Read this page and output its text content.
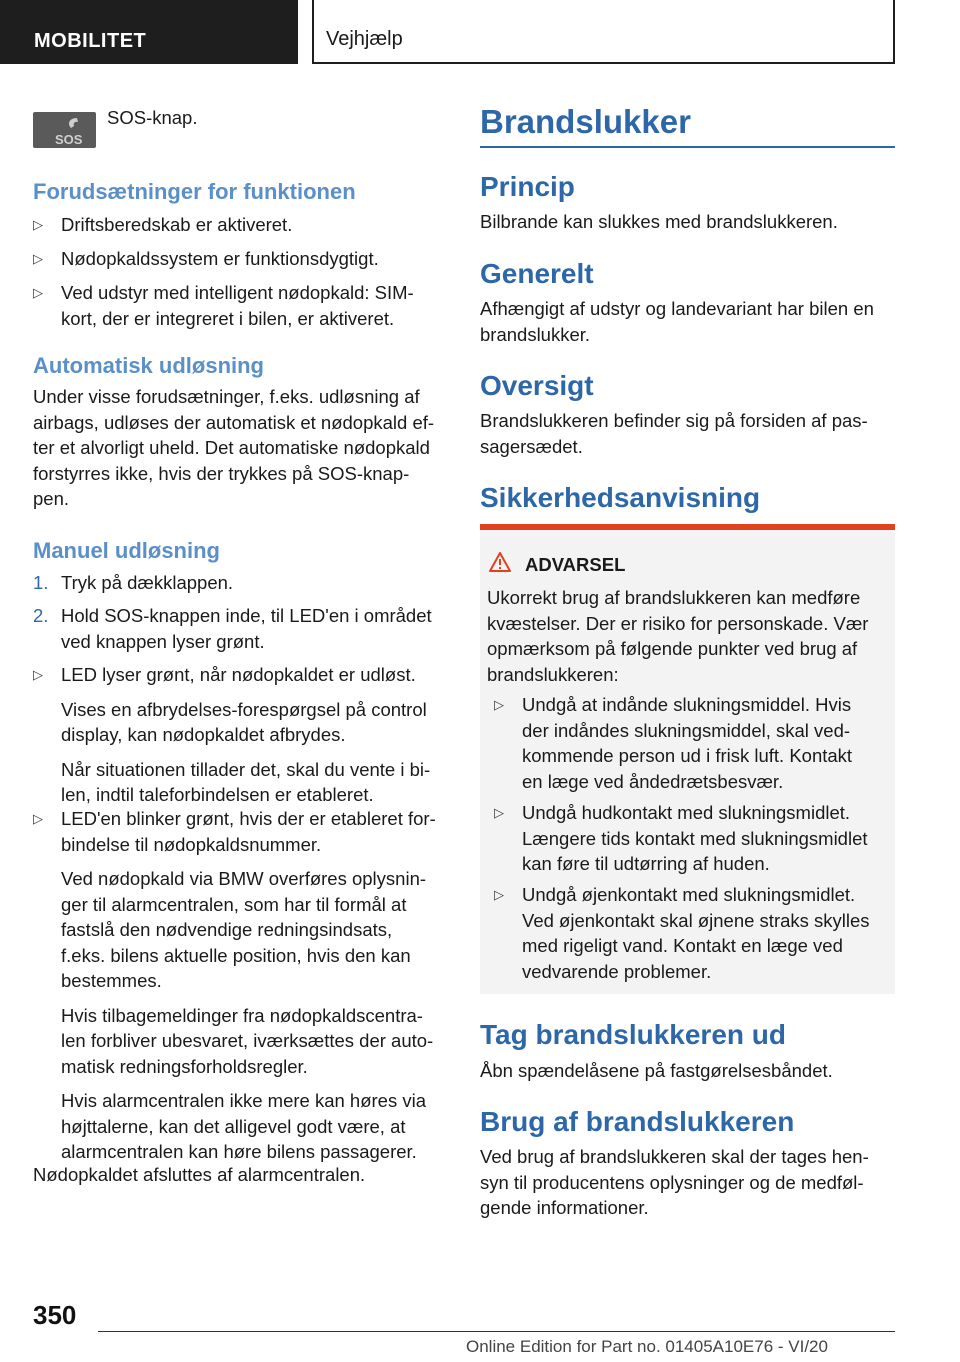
MOBILITET	Vejhjælp
SOS
SOS-knap.
Forudsætninger for funktionen
▷ Driftsberedskab er aktiveret.
▷ Nødopkaldssystem er funktionsdygtigt.
▷ Ved udstyr med intelligent nødopkald: SIM-
kort, der er integreret i bilen, er aktiveret.
Automatisk udløsning
Under visse forudsætninger, f.eks. udløsning af
airbags, udløses der automatisk et nødopkald ef-
ter et alvorligt uheld. Det automatiske nødopkald
forstyrres ikke, hvis der trykkes på SOS-knap-
pen.
Manuel udløsning
1. Tryk på dækklappen.
2. Hold SOS-knappen inde, til LED'en i området
ved knappen lyser grønt.
▷ LED lyser grønt, når nødopkaldet er udløst.
Vises en afbrydelses-forespørgsel på control
display, kan nødopkaldet afbrydes.
Når situationen tillader det, skal du vente i bi-
len, indtil taleforbindelsen er etableret.
▷ LED'en blinker grønt, hvis der er etableret for-
bindelse til nødopkaldsnummer.
Ved nødopkald via BMW overføres oplysnin-
ger til alarmcentralen, som har til formål at
fastslå den nødvendige redningsindsats,
f.eks. bilens aktuelle position, hvis den kan
bestemmes.
Hvis tilbagemeldinger fra nødopkaldscentra-
len forbliver ubesvaret, iværksættes der auto-
matisk redningsforholdsregler.
Hvis alarmcentralen ikke mere kan høres via
højttalerne, kan det alligevel godt være, at
alarmcentralen kan høre bilens passagerer.
Nødopkaldet afsluttes af alarmcentralen.
Brandslukker
Princip
Bilbrande kan slukkes med brandslukkeren.
Generelt
Afhængigt af udstyr og landevariant har bilen en
brandslukker.
Oversigt
Brandslukkeren befinder sig på forsiden af pas-
sagersædet.
Sikkerhedsanvisning
ADVARSEL
Ukorrekt brug af brandslukkeren kan medføre
kvæstelser. Der er risiko for personskade. Vær
opmærksom på følgende punkter ved brug af
brandslukkeren:
▷ Undgå at indånde slukningsmiddel. Hvis
der indåndes slukningsmiddel, skal ved-
kommende person ud i frisk luft. Kontakt
en læge ved åndedrætsbesvær.
▷ Undgå hudkontakt med slukningsmidlet.
Længere tids kontakt med slukningsmidlet
kan føre til udtørring af huden.
▷ Undgå øjenkontakt med slukningsmidlet.
Ved øjenkontakt skal øjnene straks skylles
med rigeligt vand. Kontakt en læge ved
vedvarende problemer.
Tag brandslukkeren ud
Åbn spændelåsene på fastgørelsesbåndet.
Brug af brandslukkeren
Ved brug af brandslukkeren skal der tages hen-
syn til producentens oplysninger og de medføl-
gende informationer.
350
Online Edition for Part no. 01405A10E76 - VI/20
